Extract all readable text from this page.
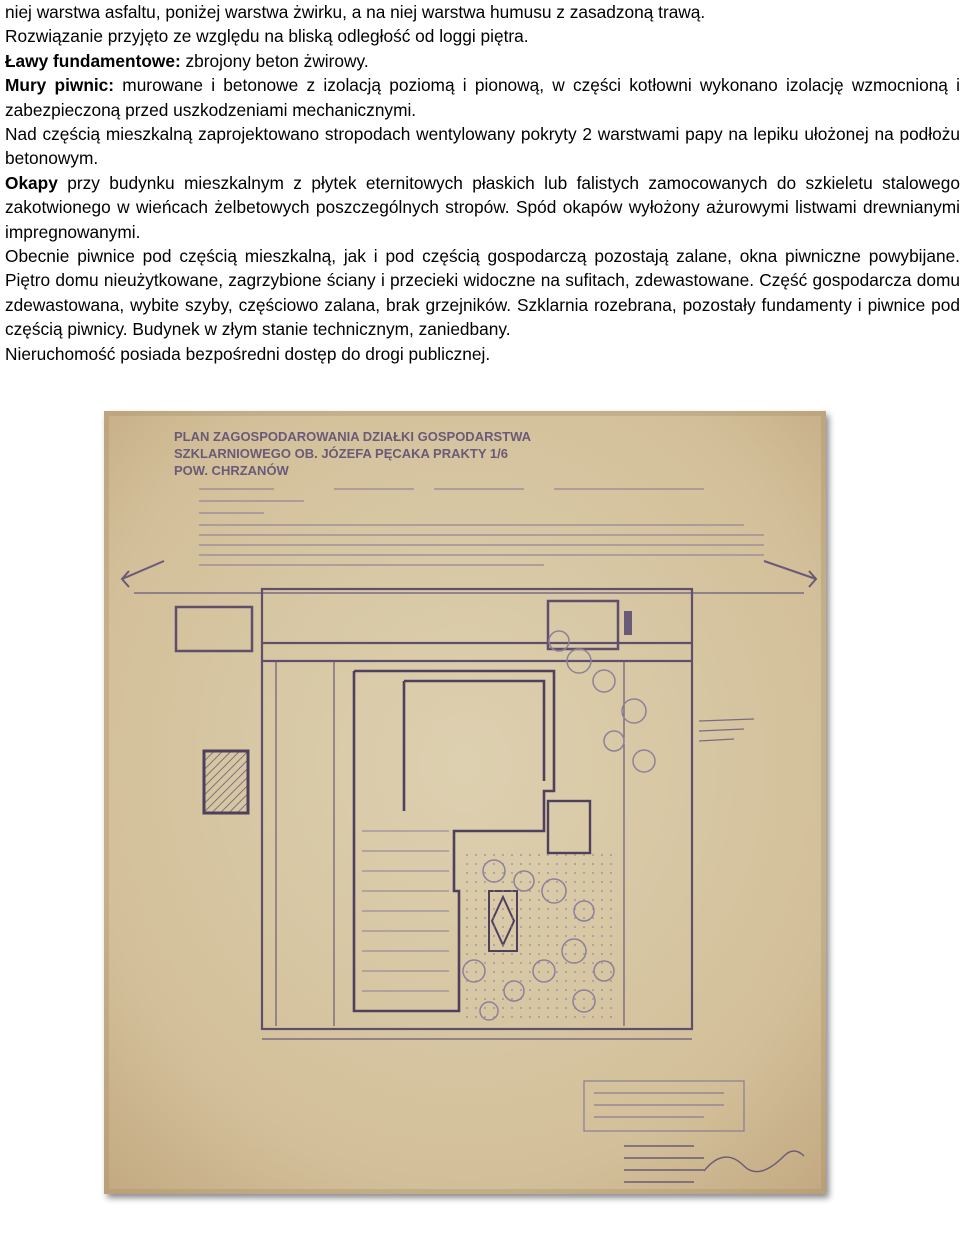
niej warstwa asfaltu, poniżej warstwa żwirku, a na niej warstwa humusu z zasadzoną trawą.

Rozwiązanie przyjęto ze względu na bliską odległość od loggi piętra.

Ławy fundamentowe: zbrojony beton żwirowy.

Mury piwnic: murowane i betonowe z izolacją poziomą i pionową, w części kotłowni wykonano izolację wzmocnioną i zabezpieczoną przed uszkodzeniami mechanicznymi.

Nad częścią mieszkalną zaprojektowano stropodach wentylowany pokryty 2 warstwami papy na lepiku ułożonej na podłożu betonowym.

Okapy przy budynku mieszkalnym z płytek eternitowych płaskich lub falistych zamocowanych do szkieletu stalowego zakotwionego w wieńcach żelbetowych poszczególnych stropów. Spód okapów wyłożony ażurowymi listwami drewnianymi impregnowanymi.

Obecnie piwnice pod częścią mieszkalną, jak i pod częścią gospodarczą pozostają zalane, okna piwniczne powybijane. Piętro domu nieużytkowane, zagrzybione ściany i przecieki widoczne na sufitach, zdewastowane. Część gospodarcza domu zdewastowana, wybite szyby, częściowo zalana, brak grzejników. Szklarnia rozebrana, pozostały fundamenty i piwnice pod częścią piwnicy. Budynek w złym stanie technicznym, zaniedbany.

Nieruchomość posiada bezpośredni dostęp do drogi publicznej.

PLAN ZAGOSPODAROWANIA DZIAŁKI GOSPODARSTWA
SZKLARNIOWEGO OB. JÓZEFA PĘCAKA PRAKTY 1/6
POW. CHRZANÓW
